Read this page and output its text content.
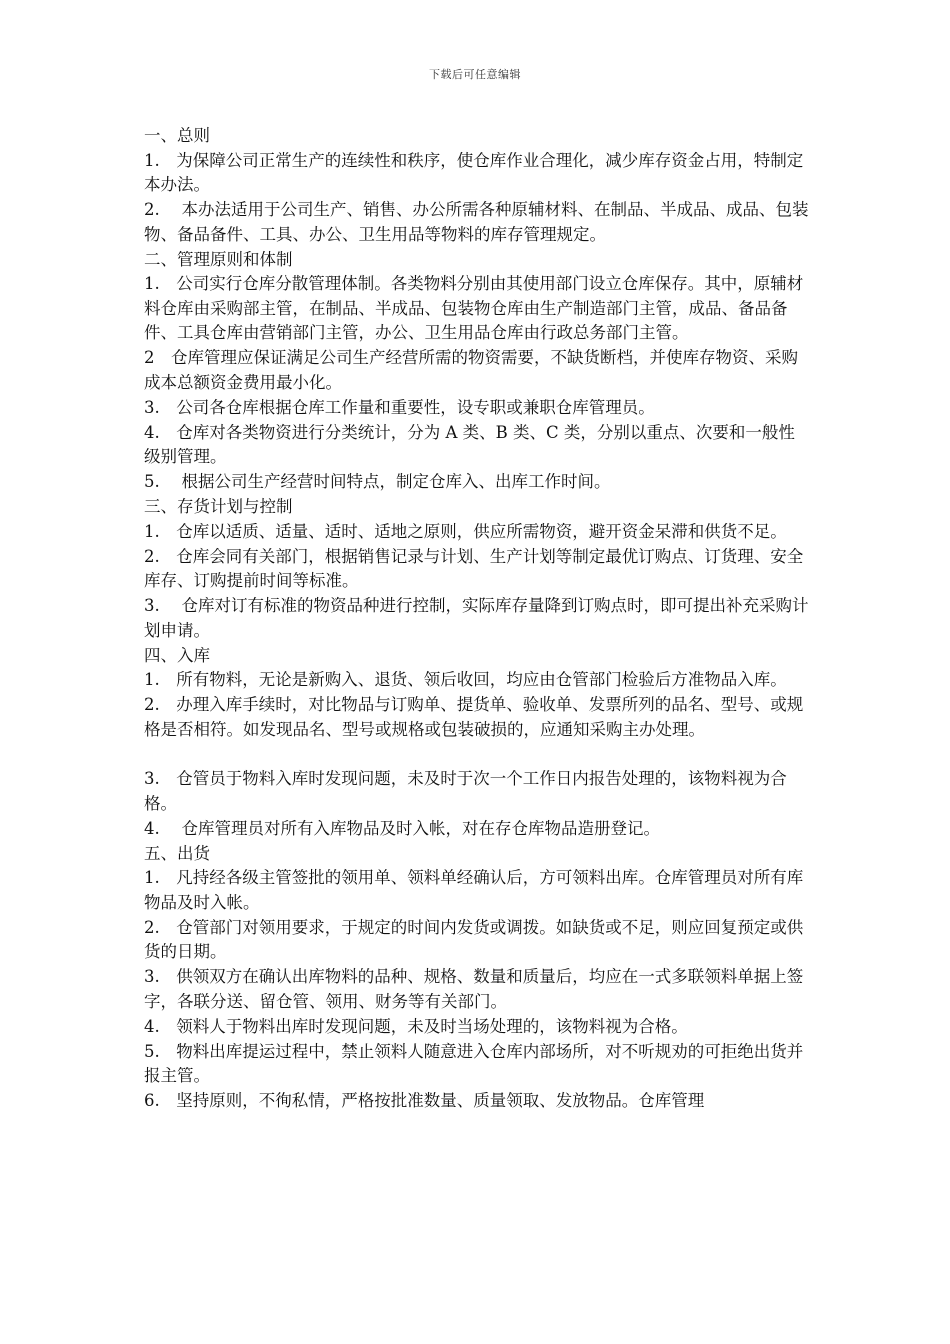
下载后可任意编辑

一、总则

1.　为保障公司正常生产的连续性和秩序，使仓库作业合理化，减少库存资金占用，特制定本办法。

2.　 本办法适用于公司生产、销售、办公所需各种原辅材料、在制品、半成品、成品、包装物、备品备件、工具、办公、卫生用品等物料的库存管理规定。

二、管理原则和体制

1.　公司实行仓库分散管理体制。各类物料分别由其使用部门设立仓库保存。其中，原辅材料仓库由采购部主管，在制品、半成品、包装物仓库由生产制造部门主管，成品、备品备件、工具仓库由营销部门主管，办公、卫生用品仓库由行政总务部门主管。

2　仓库管理应保证满足公司生产经营所需的物资需要，不缺货断档，并使库存物资、采购成本总额资金费用最小化。

3.　公司各仓库根据仓库工作量和重要性，设专职或兼职仓库管理员。

4.　仓库对各类物资进行分类统计，分为 A 类、B 类、C 类，分别以重点、次要和一般性级别管理。

5.　 根据公司生产经营时间特点，制定仓库入、出库工作时间。

三、存货计划与控制

1.　仓库以适质、适量、适时、适地之原则，供应所需物资，避开资金呆滞和供货不足。

2.　仓库会同有关部门，根据销售记录与计划、生产计划等制定最优订购点、订货理、安全库存、订购提前时间等标准。

3.　 仓库对订有标准的物资品种进行控制，实际库存量降到订购点时，即可提出补充采购计划申请。

四、入库

1.　所有物料，无论是新购入、退货、领后收回，均应由仓管部门检验后方准物品入库。

2.　办理入库手续时，对比物品与订购单、提货单、验收单、发票所列的品名、型号、或规格是否相符。如发现品名、型号或规格或包装破损的，应通知采购主办处理。

3.　仓管员于物料入库时发现问题，未及时于次一个工作日内报告处理的，该物料视为合格。

4.　 仓库管理员对所有入库物品及时入帐，对在存仓库物品造册登记。

五、出货

1.　凡持经各级主管签批的领用单、领料单经确认后，方可领料出库。仓库管理员对所有库物品及时入帐。

2.　仓管部门对领用要求，于规定的时间内发货或调拨。如缺货或不足，则应回复预定或供货的日期。

3.　供领双方在确认出库物料的品种、规格、数量和质量后，均应在一式多联领料单据上签字，各联分送、留仓管、领用、财务等有关部门。

4.　领料人于物料出库时发现问题，未及时当场处理的，该物料视为合格。

5.　物料出库提运过程中，禁止领料人随意进入仓库内部场所，对不听规劝的可拒绝出货并报主管。

6.　坚持原则，不徇私情，严格按批准数量、质量领取、发放物品。仓库管理
